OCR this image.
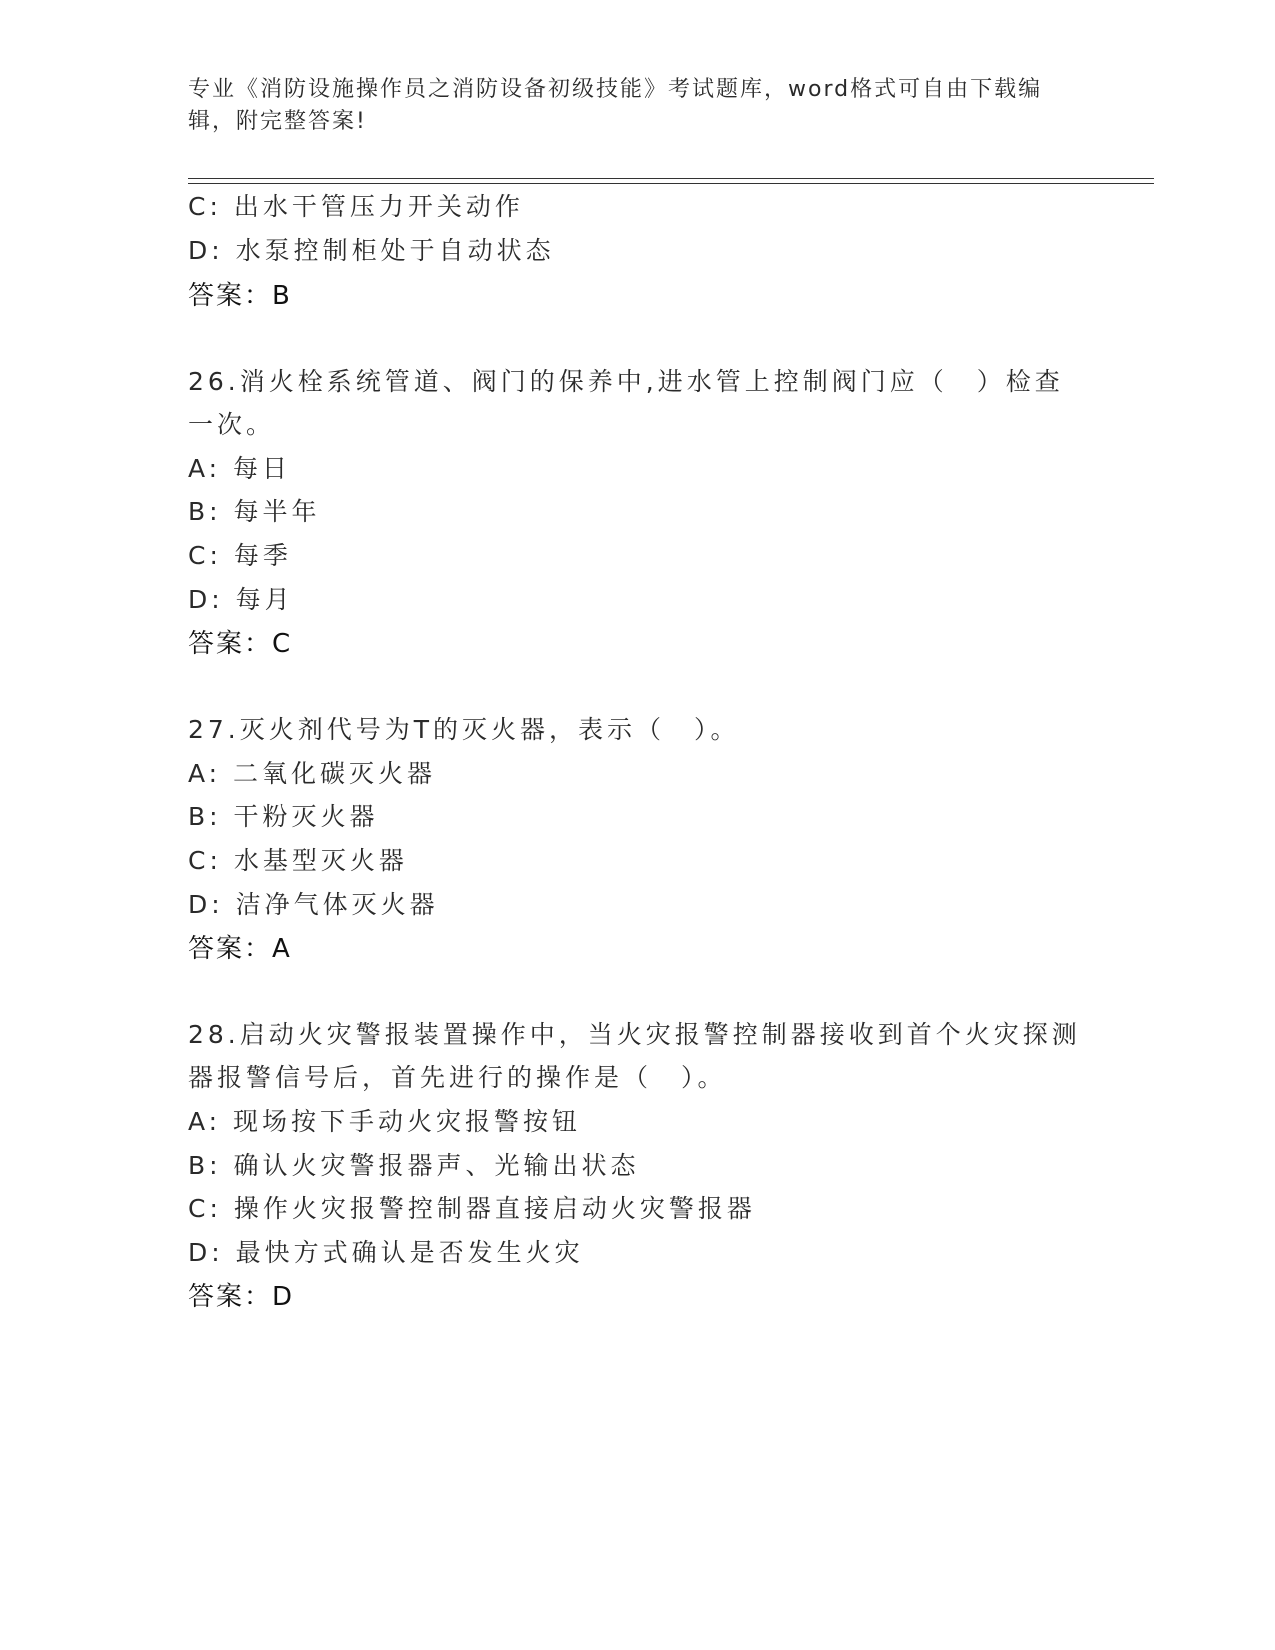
专业《消防设施操作员之消防设备初级技能》考试题库，word格式可自由下载编
辑，附完整答案!
C: 出水干管压力开关动作
D: 水泵控制柜处于自动状态
答案：B
26.消火栓系统管道、阀门的保养中,进水管上控制阀门应（　）检查
一次。
A: 每日
B: 每半年
C: 每季
D: 每月
答案：C
27.灭火剂代号为T的灭火器，表示（　）。
A: 二氧化碳灭火器
B: 干粉灭火器
C: 水基型灭火器
D: 洁净气体灭火器
答案：A
28.启动火灾警报装置操作中，当火灾报警控制器接收到首个火灾探测
器报警信号后，首先进行的操作是（　）。
A: 现场按下手动火灾报警按钮
B: 确认火灾警报器声、光输出状态
C: 操作火灾报警控制器直接启动火灾警报器
D: 最快方式确认是否发生火灾
答案：D
